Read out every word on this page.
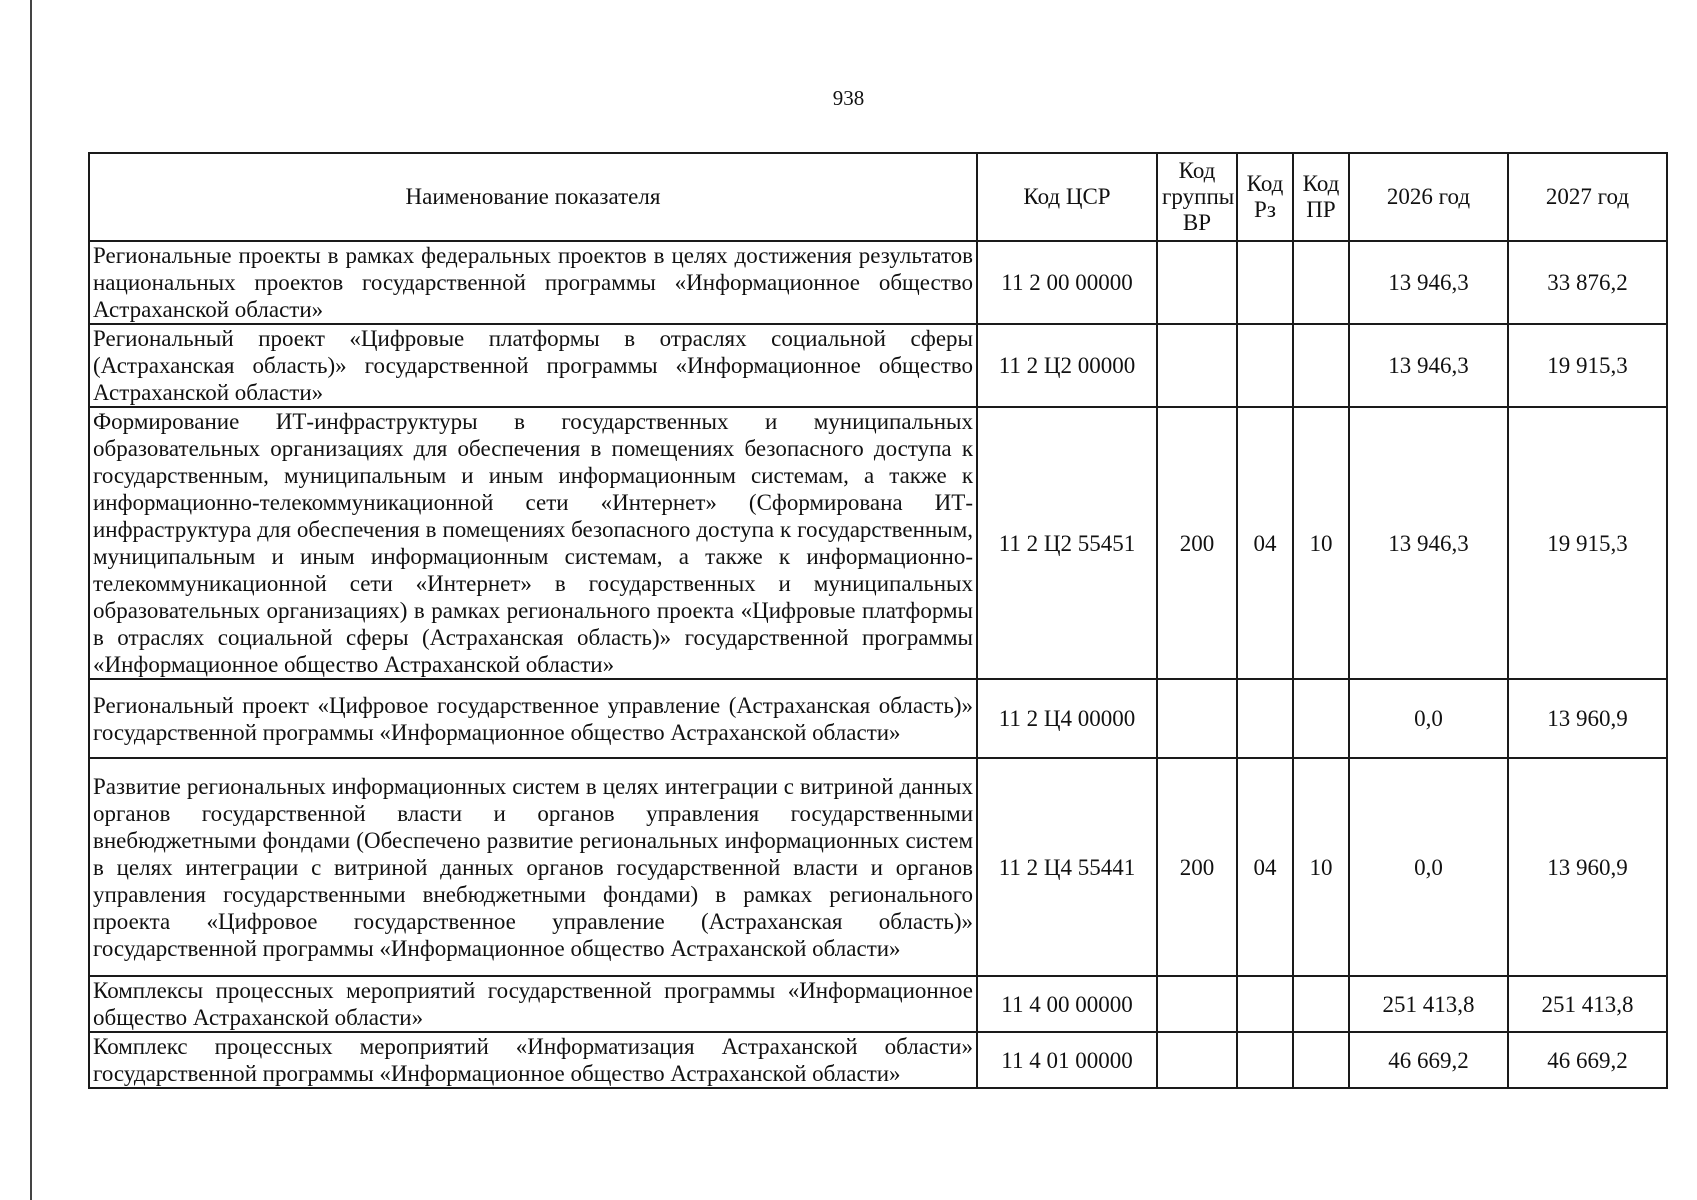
938
Наименование показателя	Код ЦСР	Код группы ВР	Код Рз	Код ПР	2026 год	2027 год
Региональные проекты в рамках федеральных проектов в целях достижения результатов национальных проектов государственной программы «Информационное общество Астраханской области»	11 2 00 00000				13 946,3	33 876,2
Региональный проект «Цифровые платформы в отраслях социальной сферы (Астраханская область)» государственной программы «Информационное общество Астраханской области»	11 2 Ц2 00000				13 946,3	19 915,3
Формирование ИТ-инфраструктуры в государственных и муниципальных образовательных организациях для обеспечения в помещениях безопасного доступа к государственным, муниципальным и иным информационным системам, а также к информационно-телекоммуникационной сети «Интернет» (Сформирована ИТ-инфраструктура для обеспечения в помещениях безопасного доступа к государственным, муниципальным и иным информационным системам, а также к информационно-телекоммуникационной сети «Интернет» в государственных и муниципальных образовательных организациях) в рамках регионального проекта «Цифровые платформы в отраслях социальной сферы (Астраханская область)» государственной программы «Информационное общество Астраханской области»	11 2 Ц2 55451	200	04	10	13 946,3	19 915,3
Региональный проект «Цифровое государственное управление (Астраханская область)» государственной программы «Информационное общество Астраханской области»	11 2 Ц4 00000				0,0	13 960,9
Развитие региональных информационных систем в целях интеграции с витриной данных органов государственной власти и органов управления государственными внебюджетными фондами (Обеспечено развитие региональных информационных систем в целях интеграции с витриной данных органов государственной власти и органов управления государственными внебюджетными фондами) в рамках регионального проекта «Цифровое государственное управление (Астраханская область)» государственной программы «Информационное общество Астраханской области»	11 2 Ц4 55441	200	04	10	0,0	13 960,9
Комплексы процессных мероприятий государственной программы «Информационное общество Астраханской области»	11 4 00 00000				251 413,8	251 413,8
Комплекс процессных мероприятий «Информатизация Астраханской области» государственной программы «Информационное общество Астраханской области»	11 4 01 00000				46 669,2	46 669,2
